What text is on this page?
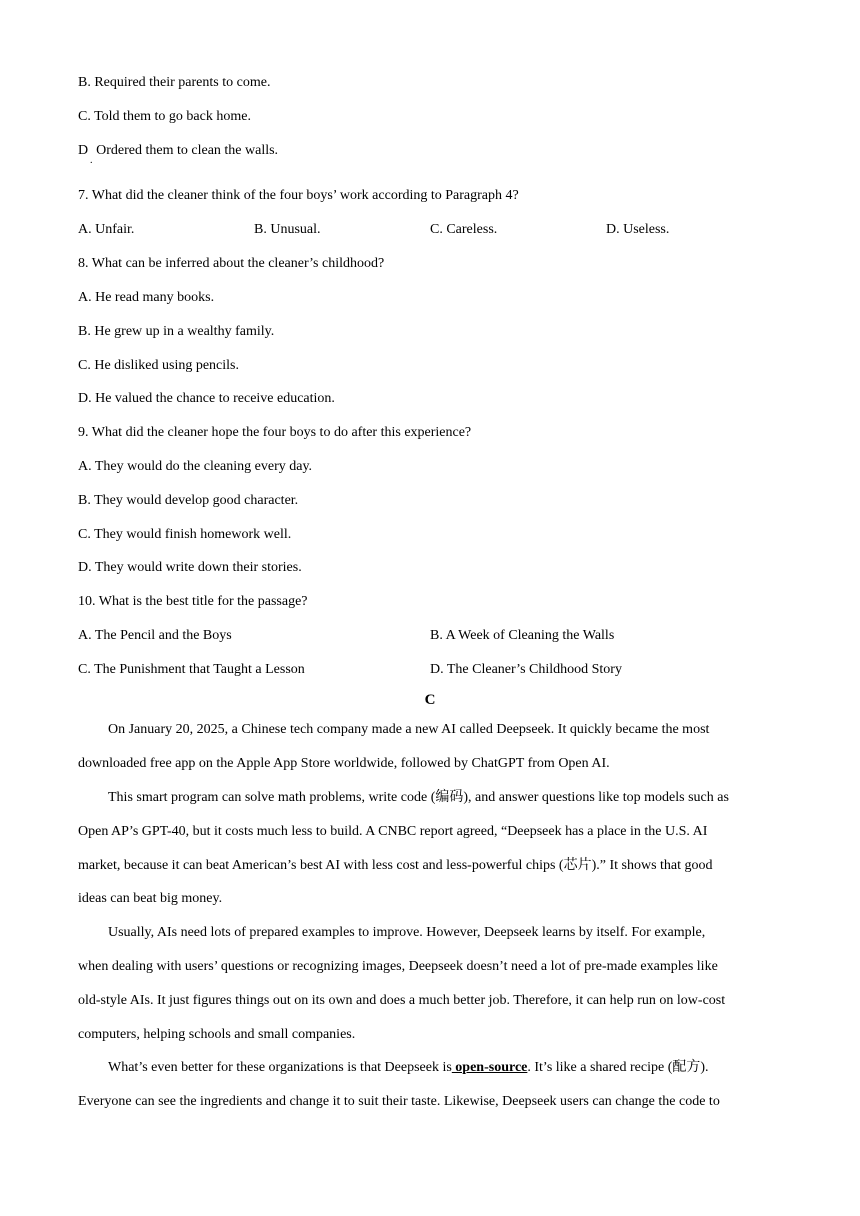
B. Required their parents to come.
C. Told them to go back home.
D Ordered them to clean the walls.
.
7. What did the cleaner think of the four boys’ work according to Paragraph 4?
A. Unfair.	B. Unusual.	C. Careless.	D. Useless.
8. What can be inferred about the cleaner’s childhood?
A. He read many books.
B. He grew up in a wealthy family.
C. He disliked using pencils.
D. He valued the chance to receive education.
9. What did the cleaner hope the four boys to do after this experience?
A. They would do the cleaning every day.
B. They would develop good character.
C. They would finish homework well.
D. They would write down their stories.
10. What is the best title for the passage?
A. The Pencil and the Boys	B. A Week of Cleaning the Walls
C. The Punishment that Taught a Lesson	D. The Cleaner’s Childhood Story
C
On January 20, 2025, a Chinese tech company made a new AI called Deepseek. It quickly became the most
downloaded free app on the Apple App Store worldwide, followed by ChatGPT from Open AI.
This smart program can solve math problems, write code (编码), and answer questions like top models such as
Open AP’s GPT-40, but it costs much less to build. A CNBC report agreed, “Deepseek has a place in the U.S. AI
market, because it can beat American’s best AI with less cost and less-powerful chips (芯片).” It shows that good
ideas can beat big money.
Usually, AIs need lots of prepared examples to improve. However, Deepseek learns by itself. For example,
when dealing with users’ questions or recognizing images, Deepseek doesn’t need a lot of pre-made examples like
old-style AIs. It just figures things out on its own and does a much better job. Therefore, it can help run on low-cost
computers, helping schools and small companies.
What’s even better for these organizations is that Deepseek is open-source. It’s like a shared recipe (配方).
Everyone can see the ingredients and change it to suit their taste. Likewise, Deepseek users can change the code to
